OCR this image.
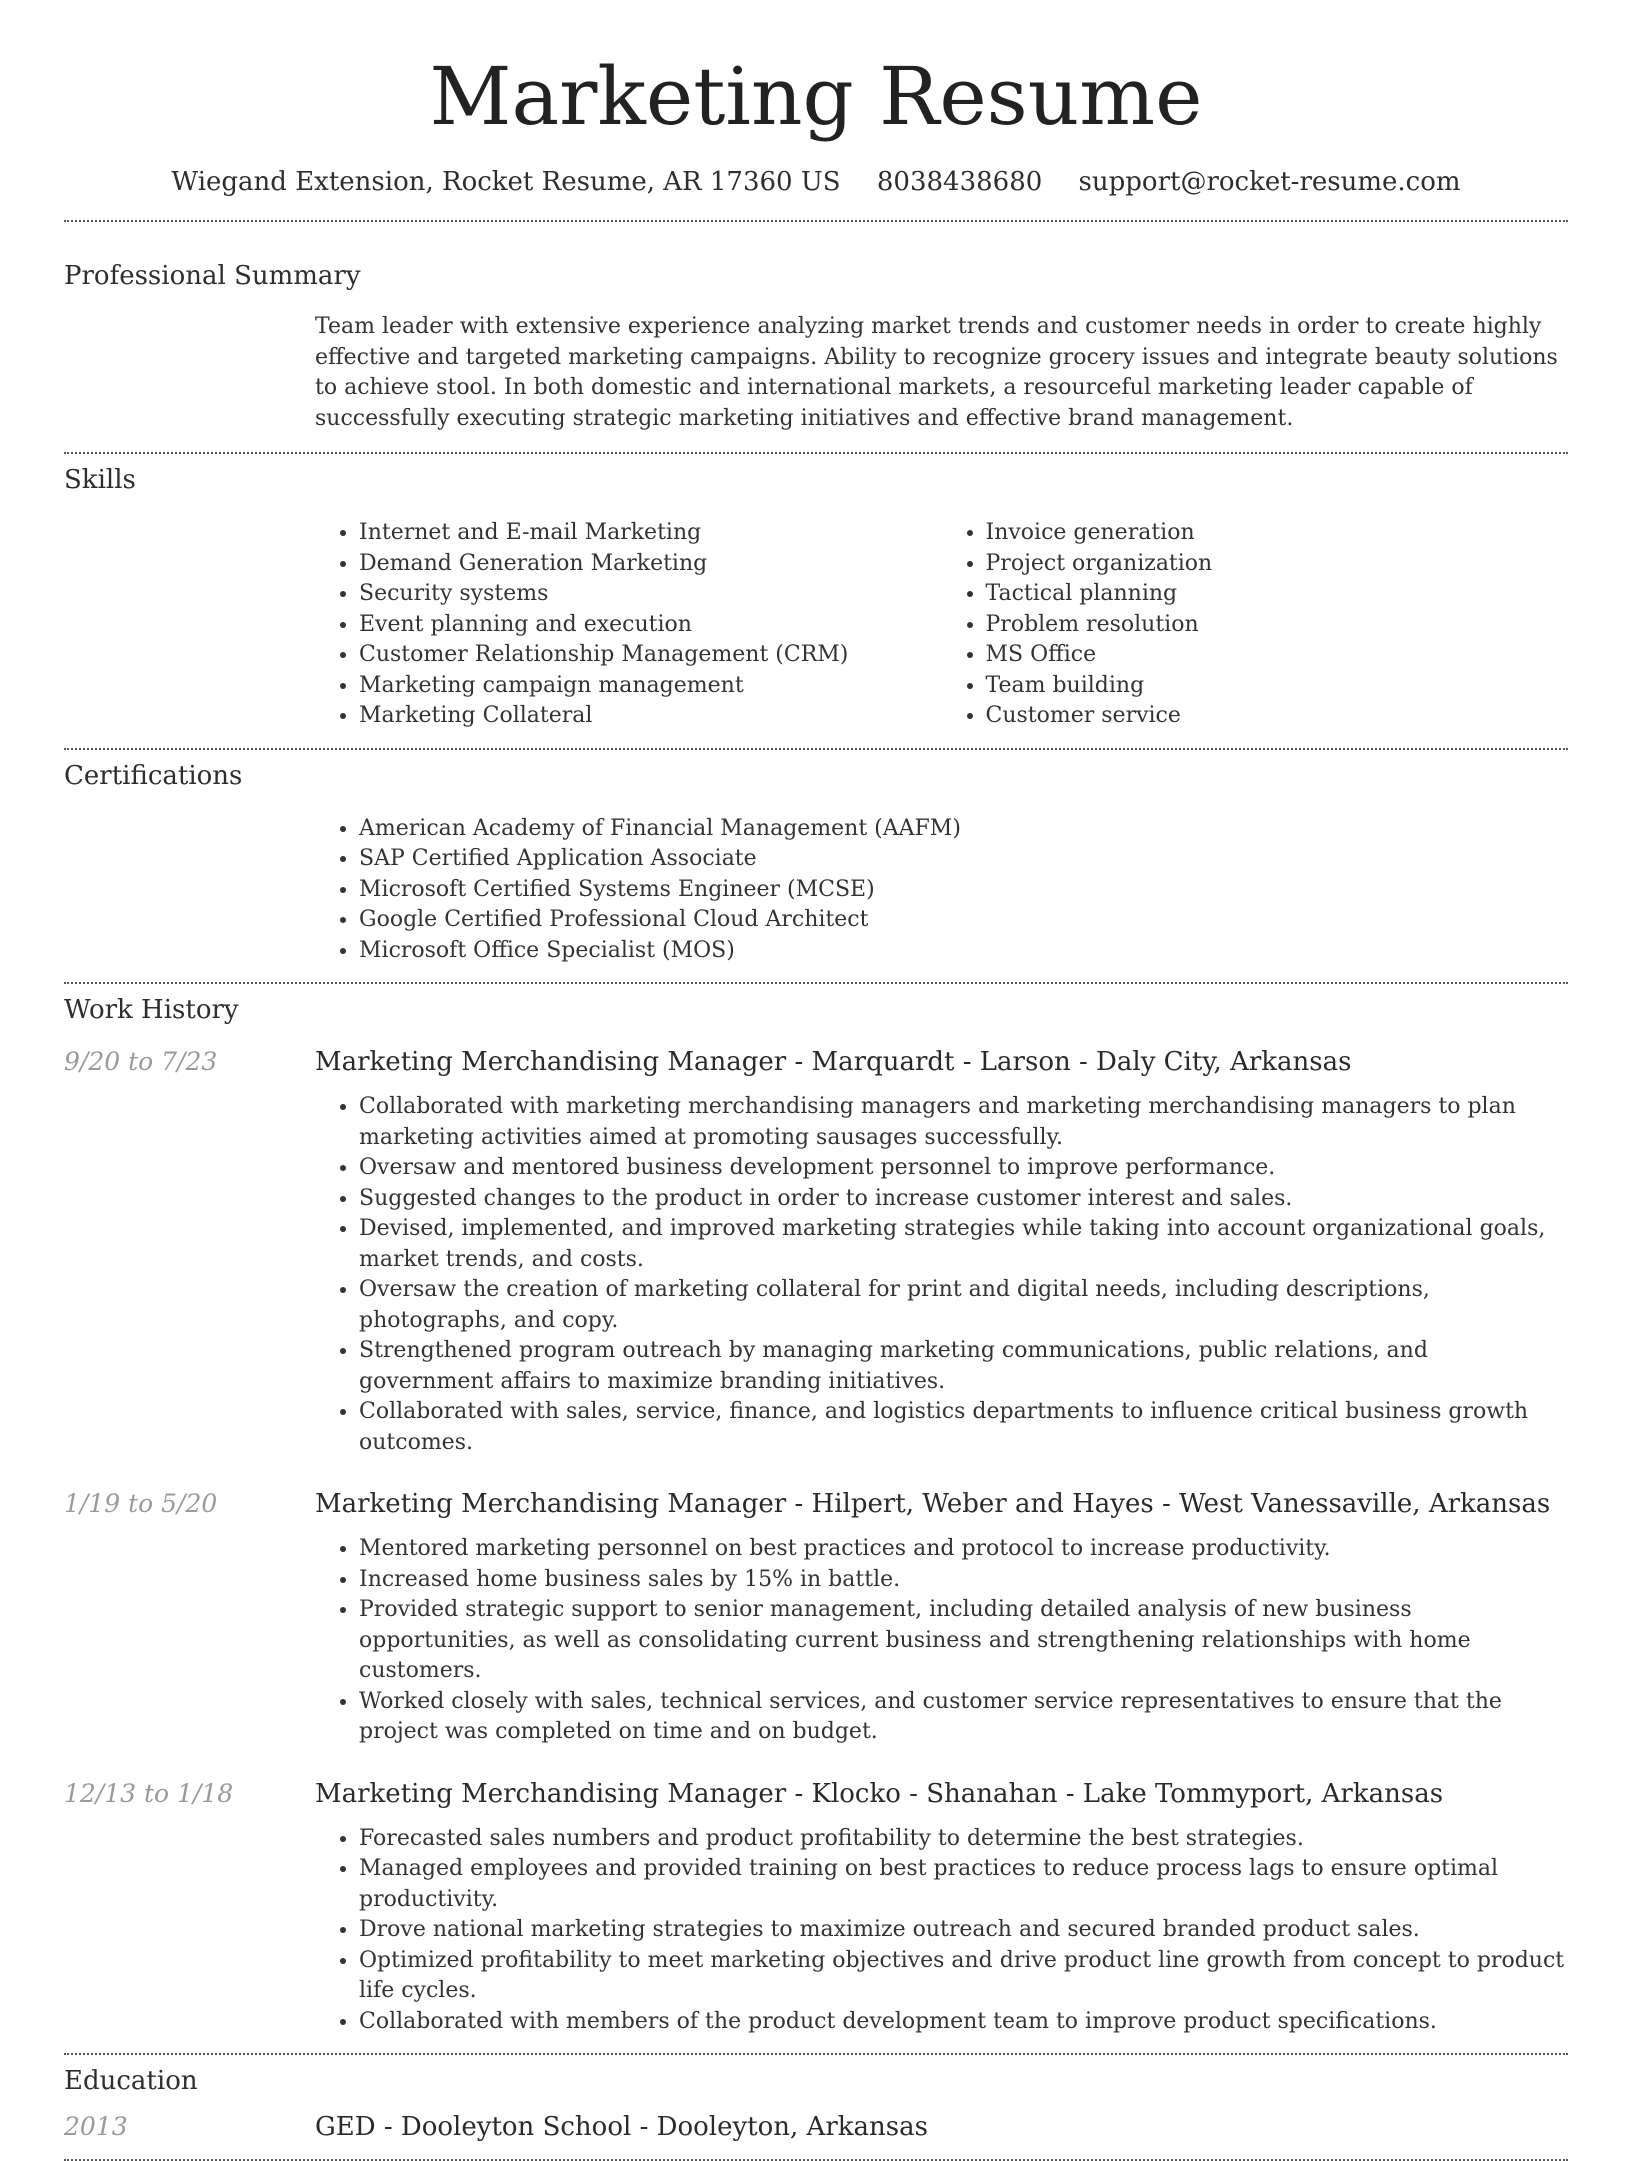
Marketing Resume
Wiegand Extension, Rocket Resume, AR 17360 US 8038438680 support@rocket-resume.com
Professional Summary
Team leader with extensive experience analyzing market trends and customer needs in order to create highly effective and targeted marketing campaigns. Ability to recognize grocery issues and integrate beauty solutions to achieve stool. In both domestic and international markets, a resourceful marketing leader capable of successfully executing strategic marketing initiatives and effective brand management.
Skills
• Internet and E-mail Marketing
• Demand Generation Marketing
• Security systems
• Event planning and execution
• Customer Relationship Management (CRM)
• Marketing campaign management
• Marketing Collateral
• Invoice generation
• Project organization
• Tactical planning
• Problem resolution
• MS Office
• Team building
• Customer service
Certifications
• American Academy of Financial Management (AAFM)
• SAP Certified Application Associate
• Microsoft Certified Systems Engineer (MCSE)
• Google Certified Professional Cloud Architect
• Microsoft Office Specialist (MOS)
Work History
9/20 to 7/23	Marketing Merchandising Manager - Marquardt - Larson - Daly City, Arkansas
• Collaborated with marketing merchandising managers and marketing merchandising managers to plan marketing activities aimed at promoting sausages successfully.
• Oversaw and mentored business development personnel to improve performance.
• Suggested changes to the product in order to increase customer interest and sales.
• Devised, implemented, and improved marketing strategies while taking into account organizational goals, market trends, and costs.
• Oversaw the creation of marketing collateral for print and digital needs, including descriptions, photographs, and copy.
• Strengthened program outreach by managing marketing communications, public relations, and government affairs to maximize branding initiatives.
• Collaborated with sales, service, finance, and logistics departments to influence critical business growth outcomes.
1/19 to 5/20	Marketing Merchandising Manager - Hilpert, Weber and Hayes - West Vanessaville, Arkansas
• Mentored marketing personnel on best practices and protocol to increase productivity.
• Increased home business sales by 15% in battle.
• Provided strategic support to senior management, including detailed analysis of new business opportunities, as well as consolidating current business and strengthening relationships with home customers.
• Worked closely with sales, technical services, and customer service representatives to ensure that the project was completed on time and on budget.
12/13 to 1/18	Marketing Merchandising Manager - Klocko - Shanahan - Lake Tommyport, Arkansas
• Forecasted sales numbers and product profitability to determine the best strategies.
• Managed employees and provided training on best practices to reduce process lags to ensure optimal productivity.
• Drove national marketing strategies to maximize outreach and secured branded product sales.
• Optimized profitability to meet marketing objectives and drive product line growth from concept to product life cycles.
• Collaborated with members of the product development team to improve product specifications.
Education
2013	GED - Dooleyton School - Dooleyton, Arkansas
